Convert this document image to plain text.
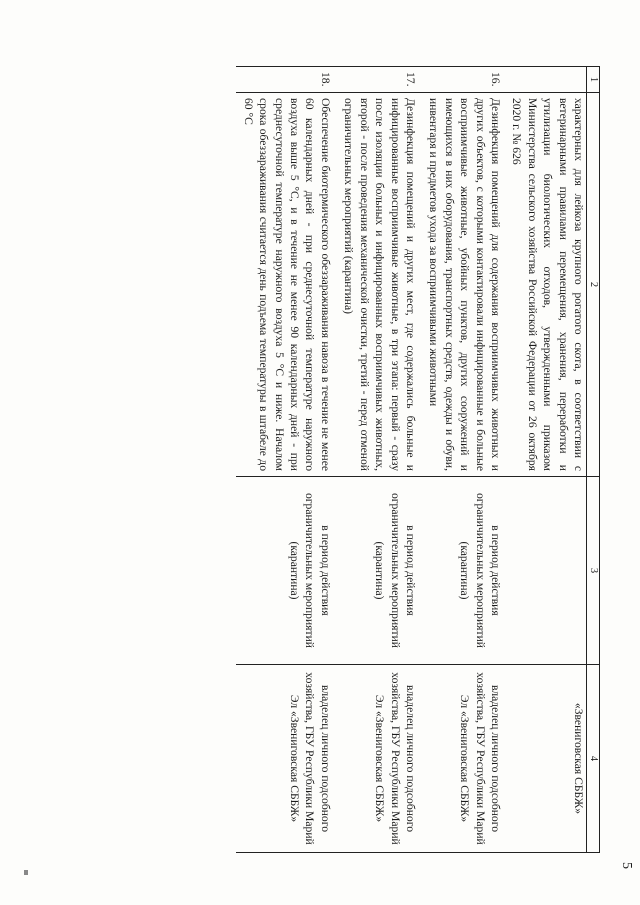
5
1	2	3	4
	характерных для лейкоза крупного рогатого скота, в соответствии с ветеринарными правилами перемещения, хранения, переработки и утилизации биологических отходов, утвержденными приказом Министерства сельского хозяйства Российской Федерации от 26 октября 2020 г. № 626		«Звениговская СББЖ»
16.	Дезинфекция помещений для содержания восприимчивых животных и других объектов, с которыми контактировали инфицированные и больные восприимчивые животные, убойных пунктов, других сооружений и имеющихся в них оборудования, транспортных средств, одежды и обуви, инвентаря и предметов ухода за восприимчивыми животными	в период действия ограничительных мероприятий (карантина)	владелец личного подсобного хозяйства, ГБУ Республики Марий Эл «Звениговская СББЖ»
17.	Дезинфекция помещений и других мест, где содержались больные и инфицированные восприимчивые животные, в три этапа: первый - сразу после изоляции больных и инфицированных восприимчивых животных, второй - после проведения механической очистки, третий - перед отменой ограничительных мероприятий (карантина)	в период действия ограничительных мероприятий (карантина)	владелец личного подсобного хозяйства, ГБУ Республики Марий Эл «Звениговская СББЖ»
18.	Обеспечение биотермического обеззараживания навоза в течение не менее 60 календарных дней - при среднесуточной температуре наружного воздуха выше 5 °С, и в течение не менее 90 календарных дней - при среднесуточной температуре наружного воздуха 5 °С и ниже. Началом срока обеззараживания считается день подъема температуры в штабеле до 60 °С	в период действия ограничительных мероприятий (карантина)	владелец личного подсобного хозяйства, ГБУ Республики Марий Эл «Звениговская СББЖ»
